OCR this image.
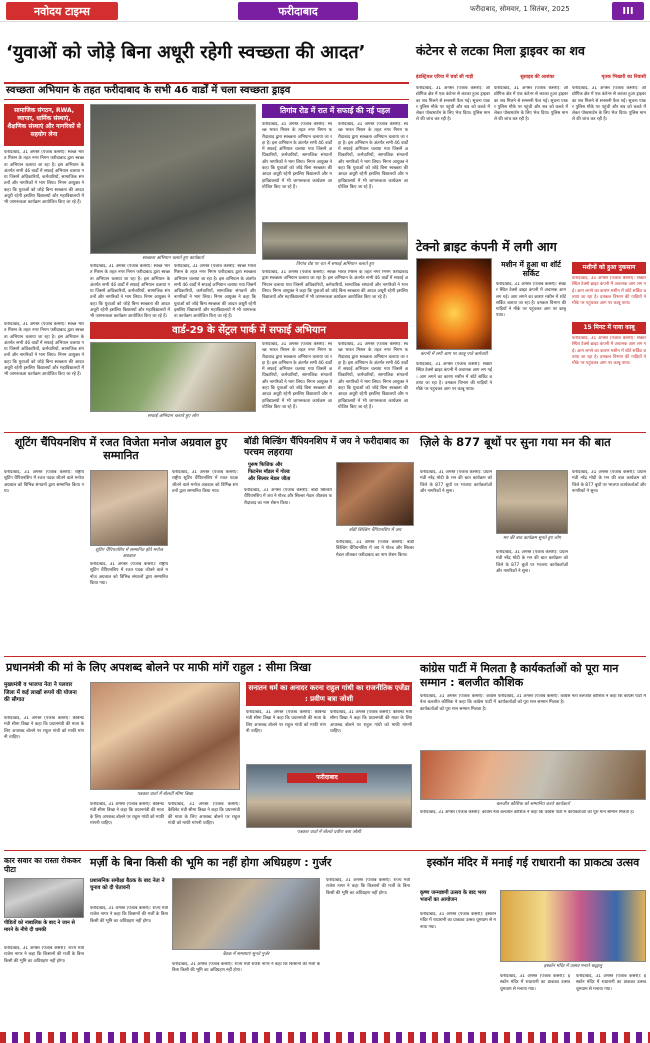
नवोदय टाइम्स	फरीदाबाद	फरीदाबाद, सोमवार, 1 सितंबर, 2025	III
‘युवाओं को जोड़े बिना अधूरी रहेगी स्वच्छता की आदत’
स्वच्छता अभियान के तहत फरीदाबाद के सभी 46 वार्डों में चला स्वच्छता ड्राइव
सामाजिक संगठन, RWA, व्यापार, धार्मिक संस्थाएं, शैक्षणिक संस्थाएं और नागरिकों से सहयोग लेना
फरीदाबाद, 31 अगस्त (पंजाब केसरी): स्वच्छ भारत मिशन के तहत नगर निगम फरीदाबाद द्वारा स्वच्छता अभियान चलाया जा रहा है। इस अभियान के अंतर्गत सभी 46 वार्डों में सफाई अभियान चलाया गया जिसमें अधिकारियों, कर्मचारियों, सामाजिक संगठनों और नागरिकों ने भाग लिया। निगम आयुक्त ने कहा कि युवाओं को जोड़े बिना स्वच्छता की आदत अधूरी रहेगी इसलिए विद्यालयों और महाविद्यालयों में भी जागरूकता कार्यक्रम आयोजित किए जा रहे हैं।
स्वच्छता अभियान चलाते हुए कार्यकर्ता
फरीदाबाद, 31 अगस्त (पंजाब केसरी): स्वच्छ भारत मिशन के तहत नगर निगम फरीदाबाद द्वारा स्वच्छता अभियान चलाया जा रहा है। इस अभियान के अंतर्गत सभी 46 वार्डों में सफाई अभियान चलाया गया जिसमें अधिकारियों, कर्मचारियों, सामाजिक संगठनों और नागरिकों ने भाग लिया। निगम आयुक्त ने कहा कि युवाओं को जोड़े बिना स्वच्छता की आदत अधूरी रहेगी इसलिए विद्यालयों और महाविद्यालयों में भी जागरूकता कार्यक्रम आयोजित किए जा रहे हैं।
फरीदाबाद, 31 अगस्त (पंजाब केसरी): स्वच्छ भारत मिशन के तहत नगर निगम फरीदाबाद द्वारा स्वच्छता अभियान चलाया जा रहा है। इस अभियान के अंतर्गत सभी 46 वार्डों में सफाई अभियान चलाया गया जिसमें अधिकारियों, कर्मचारियों, सामाजिक संगठनों और नागरिकों ने भाग लिया। निगम आयुक्त ने कहा कि युवाओं को जोड़े बिना स्वच्छता की आदत अधूरी रहेगी इसलिए विद्यालयों और महाविद्यालयों में भी जागरूकता कार्यक्रम आयोजित किए जा रहे हैं।
तिगांव रोड में रात में सफाई की नई पहल
फरीदाबाद, 31 अगस्त (पंजाब केसरी): स्वच्छ भारत मिशन के तहत नगर निगम फरीदाबाद द्वारा स्वच्छता अभियान चलाया जा रहा है। इस अभियान के अंतर्गत सभी 46 वार्डों में सफाई अभियान चलाया गया जिसमें अधिकारियों, कर्मचारियों, सामाजिक संगठनों और नागरिकों ने भाग लिया। निगम आयुक्त ने कहा कि युवाओं को जोड़े बिना स्वच्छता की आदत अधूरी रहेगी इसलिए विद्यालयों और महाविद्यालयों में भी जागरूकता कार्यक्रम आयोजित किए जा रहे हैं।
फरीदाबाद, 31 अगस्त (पंजाब केसरी): स्वच्छ भारत मिशन के तहत नगर निगम फरीदाबाद द्वारा स्वच्छता अभियान चलाया जा रहा है। इस अभियान के अंतर्गत सभी 46 वार्डों में सफाई अभियान चलाया गया जिसमें अधिकारियों, कर्मचारियों, सामाजिक संगठनों और नागरिकों ने भाग लिया। निगम आयुक्त ने कहा कि युवाओं को जोड़े बिना स्वच्छता की आदत अधूरी रहेगी इसलिए विद्यालयों और महाविद्यालयों में भी जागरूकता कार्यक्रम आयोजित किए जा रहे हैं।
तिगांव रोड पर रात में सफाई अभियान चलाते हुए
फरीदाबाद, 31 अगस्त (पंजाब केसरी): स्वच्छ भारत मिशन के तहत नगर निगम फरीदाबाद द्वारा स्वच्छता अभियान चलाया जा रहा है। इस अभियान के अंतर्गत सभी 46 वार्डों में सफाई अभियान चलाया गया जिसमें अधिकारियों, कर्मचारियों, सामाजिक संगठनों और नागरिकों ने भाग लिया। निगम आयुक्त ने कहा कि युवाओं को जोड़े बिना स्वच्छता की आदत अधूरी रहेगी इसलिए विद्यालयों और महाविद्यालयों में भी जागरूकता कार्यक्रम आयोजित किए जा रहे हैं।
वार्ड-29 के सेंट्रल पार्क में सफाई अभियान
फरीदाबाद, 31 अगस्त (पंजाब केसरी): स्वच्छ भारत मिशन के तहत नगर निगम फरीदाबाद द्वारा स्वच्छता अभियान चलाया जा रहा है। इस अभियान के अंतर्गत सभी 46 वार्डों में सफाई अभियान चलाया गया जिसमें अधिकारियों, कर्मचारियों, सामाजिक संगठनों और नागरिकों ने भाग लिया। निगम आयुक्त ने कहा कि युवाओं को जोड़े बिना स्वच्छता की आदत अधूरी रहेगी इसलिए विद्यालयों और महाविद्यालयों में भी जागरूकता कार्यक्रम आयोजित किए जा रहे हैं।
सफाई अभियान चलाते हुए लोग
फरीदाबाद, 31 अगस्त (पंजाब केसरी): स्वच्छ भारत मिशन के तहत नगर निगम फरीदाबाद द्वारा स्वच्छता अभियान चलाया जा रहा है। इस अभियान के अंतर्गत सभी 46 वार्डों में सफाई अभियान चलाया गया जिसमें अधिकारियों, कर्मचारियों, सामाजिक संगठनों और नागरिकों ने भाग लिया। निगम आयुक्त ने कहा कि युवाओं को जोड़े बिना स्वच्छता की आदत अधूरी रहेगी इसलिए विद्यालयों और महाविद्यालयों में भी जागरूकता कार्यक्रम आयोजित किए जा रहे हैं।
फरीदाबाद, 31 अगस्त (पंजाब केसरी): स्वच्छ भारत मिशन के तहत नगर निगम फरीदाबाद द्वारा स्वच्छता अभियान चलाया जा रहा है। इस अभियान के अंतर्गत सभी 46 वार्डों में सफाई अभियान चलाया गया जिसमें अधिकारियों, कर्मचारियों, सामाजिक संगठनों और नागरिकों ने भाग लिया। निगम आयुक्त ने कहा कि युवाओं को जोड़े बिना स्वच्छता की आदत अधूरी रहेगी इसलिए विद्यालयों और महाविद्यालयों में भी जागरूकता कार्यक्रम आयोजित किए जा रहे हैं।
कंटेनर से लटका मिला ड्राइवर का शव
इंडस्ट्रियल एरिया में चर्चा सी गाड़ी	सुसाइड की आशंका	मृतक भिखारी का निवासी
फरीदाबाद, 31 अगस्त (पंजाब केसरी): औद्योगिक क्षेत्र में एक कंटेनर से लटका हुआ ड्राइवर का शव मिलने से सनसनी फैल गई। सूचना पाकर पुलिस मौके पर पहुंची और शव को कब्जे में लेकर पोस्टमार्टम के लिए भेज दिया। पुलिस मामले की जांच कर रही है।
फरीदाबाद, 31 अगस्त (पंजाब केसरी): औद्योगिक क्षेत्र में एक कंटेनर से लटका हुआ ड्राइवर का शव मिलने से सनसनी फैल गई। सूचना पाकर पुलिस मौके पर पहुंची और शव को कब्जे में लेकर पोस्टमार्टम के लिए भेज दिया। पुलिस मामले की जांच कर रही है।
फरीदाबाद, 31 अगस्त (पंजाब केसरी): औद्योगिक क्षेत्र में एक कंटेनर से लटका हुआ ड्राइवर का शव मिलने से सनसनी फैल गई। सूचना पाकर पुलिस मौके पर पहुंची और शव को कब्जे में लेकर पोस्टमार्टम के लिए भेज दिया। पुलिस मामले की जांच कर रही है।
टेक्नो ब्राइट कंपनी में लगी आग
मशीन में हुआ था शॉर्ट सर्किट
कंपनी में लगी आग पर काबू पाते कर्मचारी
फरीदाबाद, 31 अगस्त (पंजाब केसरी): सेक्टर स्थित टेक्नो ब्राइट कंपनी में अचानक आग लग गई। आग लगने का कारण मशीन में शॉर्ट सर्किट बताया जा रहा है। दमकल विभाग की गाड़ियों ने मौके पर पहुंचकर आग पर काबू पाया।
फरीदाबाद, 31 अगस्त (पंजाब केसरी): सेक्टर स्थित टेक्नो ब्राइट कंपनी में अचानक आग लग गई। आग लगने का कारण मशीन में शॉर्ट सर्किट बताया जा रहा है। दमकल विभाग की गाड़ियों ने मौके पर पहुंचकर आग पर काबू पाया।
मशीनों को हुआ नुकसान
फरीदाबाद, 31 अगस्त (पंजाब केसरी): सेक्टर स्थित टेक्नो ब्राइट कंपनी में अचानक आग लग गई। आग लगने का कारण मशीन में शॉर्ट सर्किट बताया जा रहा है। दमकल विभाग की गाड़ियों ने मौके पर पहुंचकर आग पर काबू पाया।
15 मिनट में पाया काबू
फरीदाबाद, 31 अगस्त (पंजाब केसरी): सेक्टर स्थित टेक्नो ब्राइट कंपनी में अचानक आग लग गई। आग लगने का कारण मशीन में शॉर्ट सर्किट बताया जा रहा है। दमकल विभाग की गाड़ियों ने मौके पर पहुंचकर आग पर काबू पाया।
शूटिंग चैंपियनशिप में रजत विजेता मनोज अग्रवाल हुए सम्मानित
फरीदाबाद, 31 अगस्त (पंजाब केसरी): राष्ट्रीय शूटिंग चैंपियनशिप में रजत पदक जीतने वाले मनोज अग्रवाल को विभिन्न संगठनों द्वारा सम्मानित किया गया।
शूटिंग चैंपियनशिप में सम्मानित होते मनोज अग्रवाल
फरीदाबाद, 31 अगस्त (पंजाब केसरी): राष्ट्रीय शूटिंग चैंपियनशिप में रजत पदक जीतने वाले मनोज अग्रवाल को विभिन्न संगठनों द्वारा सम्मानित किया गया।
फरीदाबाद, 31 अगस्त (पंजाब केसरी): राष्ट्रीय शूटिंग चैंपियनशिप में रजत पदक जीतने वाले मनोज अग्रवाल को विभिन्न संगठनों द्वारा सम्मानित किया गया।
बॉडी बिल्डिंग चैंपियनशिप में जय ने फरीदाबाद का परचम लहराया
पुरूष फिजिक और
फिटनेस मॉडल में गोल्ड
और सिल्वर मेडल जीता
बॉडी बिल्डिंग चैंपियनशिप में जय
फरीदाबाद, 31 अगस्त (पंजाब केसरी): बॉडी बिल्डिंग चैंपियनशिप में जय ने गोल्ड और सिल्वर मेडल जीतकर फरीदाबाद का नाम रोशन किया।
फरीदाबाद, 31 अगस्त (पंजाब केसरी): बॉडी बिल्डिंग चैंपियनशिप में जय ने गोल्ड और सिल्वर मेडल जीतकर फरीदाबाद का नाम रोशन किया।
ज़िले के 877 बूथों पर सुना गया मन की बात
फरीदाबाद, 31 अगस्त (पंजाब केसरी): प्रधानमंत्री नरेंद्र मोदी के मन की बात कार्यक्रम को जिले के 877 बूथों पर भाजपा कार्यकर्ताओं और नागरिकों ने सुना।
मन की बात कार्यक्रम सुनते हुए लोग
फरीदाबाद, 31 अगस्त (पंजाब केसरी): प्रधानमंत्री नरेंद्र मोदी के मन की बात कार्यक्रम को जिले के 877 बूथों पर भाजपा कार्यकर्ताओं और नागरिकों ने सुना।
फरीदाबाद, 31 अगस्त (पंजाब केसरी): प्रधानमंत्री नरेंद्र मोदी के मन की बात कार्यक्रम को जिले के 877 बूथों पर भाजपा कार्यकर्ताओं और नागरिकों ने सुना।
प्रधानमंत्री की मां के लिए अपशब्द बोलने पर माफी मांगें राहुल : सीमा त्रिखा
मुख्यमंत्री व भाजपा नेता ने पलवार जिला में कई लाखों रूपये की योजना की सौगात
फरीदाबाद, 31 अगस्त (पंजाब केसरी): कैबिनेट मंत्री सीमा त्रिखा ने कहा कि प्रधानमंत्री की माता के लिए अपशब्द बोलने पर राहुल गांधी को माफी मांगनी चाहिए।
पत्रकार वार्ता में बोलतीं सीमा त्रिखा
फरीदाबाद, 31 अगस्त (पंजाब केसरी): कैबिनेट मंत्री सीमा त्रिखा ने कहा कि प्रधानमंत्री की माता के लिए अपशब्द बोलने पर राहुल गांधी को माफी मांगनी चाहिए।
फरीदाबाद, 31 अगस्त (पंजाब केसरी): कैबिनेट मंत्री सीमा त्रिखा ने कहा कि प्रधानमंत्री की माता के लिए अपशब्द बोलने पर राहुल गांधी को माफी मांगनी चाहिए।
सनातन धर्म का अनादर करना राहुल गांधी का राजनीतिक एजेंडा : प्रवीण बत्रा जोशी
फरीदाबाद, 31 अगस्त (पंजाब केसरी): कैबिनेट मंत्री सीमा त्रिखा ने कहा कि प्रधानमंत्री की माता के लिए अपशब्द बोलने पर राहुल गांधी को माफी मांगनी चाहिए।
फरीदाबाद, 31 अगस्त (पंजाब केसरी): कैबिनेट मंत्री सीमा त्रिखा ने कहा कि प्रधानमंत्री की माता के लिए अपशब्द बोलने पर राहुल गांधी को माफी मांगनी चाहिए।
फरीदाबाद
पत्रकार वार्ता में बोलते प्रवीण बत्रा जोशी
कांग्रेस पार्टी में मिलता है कार्यकर्ताओं को पूरा मान सम्मान : बलजीत कौशिक
फरीदाबाद, 31 अगस्त (पंजाब केसरी): कांग्रेस नेता बलजीत कौशिक ने कहा कि कांग्रेस पार्टी में कार्यकर्ताओं को पूरा मान सम्मान मिलता है।
बलजीत कौशिक को सम्मानित करते कार्यकर्ता
फरीदाबाद, 31 अगस्त (पंजाब केसरी): कांग्रेस नेता बलजीत कौशिक ने कहा कि कांग्रेस पार्टी में कार्यकर्ताओं को पूरा मान सम्मान मिलता है।
फरीदाबाद, 31 अगस्त (पंजाब केसरी): कांग्रेस नेता बलजीत कौशिक ने कहा कि कांग्रेस पार्टी में कार्यकर्ताओं को पूरा मान सम्मान मिलता है।
कार सवार का रास्ता रोककर पीटा
पीडितों को नाबालिक के बाद ने जान से मारने के नीचे दी धमकी
फरीदाबाद, 31 अगस्त (पंजाब केसरी): राज्य मंत्री राजेश नागर ने कहा कि किसानों की मर्जी के बिना किसी की भूमि का अधिग्रहण नहीं होगा।
मर्ज़ी के बिना किसी की भूमि का नहीं होगा अधिग्रहण : गुर्जर
प्रशासनिक समीक्षा बैठक के बाद नेता ने चुनाव को दी चेतावनी
फरीदाबाद, 31 अगस्त (पंजाब केसरी): राज्य मंत्री राजेश नागर ने कहा कि किसानों की मर्जी के बिना किसी की भूमि का अधिग्रहण नहीं होगा।
बैठक में समस्याएं सुनते गुर्जर
फरीदाबाद, 31 अगस्त (पंजाब केसरी): राज्य मंत्री राजेश नागर ने कहा कि किसानों की मर्जी के बिना किसी की भूमि का अधिग्रहण नहीं होगा।
फरीदाबाद, 31 अगस्त (पंजाब केसरी): राज्य मंत्री राजेश नागर ने कहा कि किसानों की मर्जी के बिना किसी की भूमि का अधिग्रहण नहीं होगा।
इस्कॉन मंदिर में मनाई गई राधारानी का प्राकट्य उत्सव
कृष्ण जन्माष्टमी उत्सव के बाद भव्य भजनों का आयोजन
फरीदाबाद, 31 अगस्त (पंजाब केसरी): इस्कॉन मंदिर में राधारानी का प्राकट्य उत्सव धूमधाम से मनाया गया।
इस्कॉन मंदिर में उत्सव मनाते श्रद्धालु
फरीदाबाद, 31 अगस्त (पंजाब केसरी): इस्कॉन मंदिर में राधारानी का प्राकट्य उत्सव धूमधाम से मनाया गया।
फरीदाबाद, 31 अगस्त (पंजाब केसरी): इस्कॉन मंदिर में राधारानी का प्राकट्य उत्सव धूमधाम से मनाया गया।
